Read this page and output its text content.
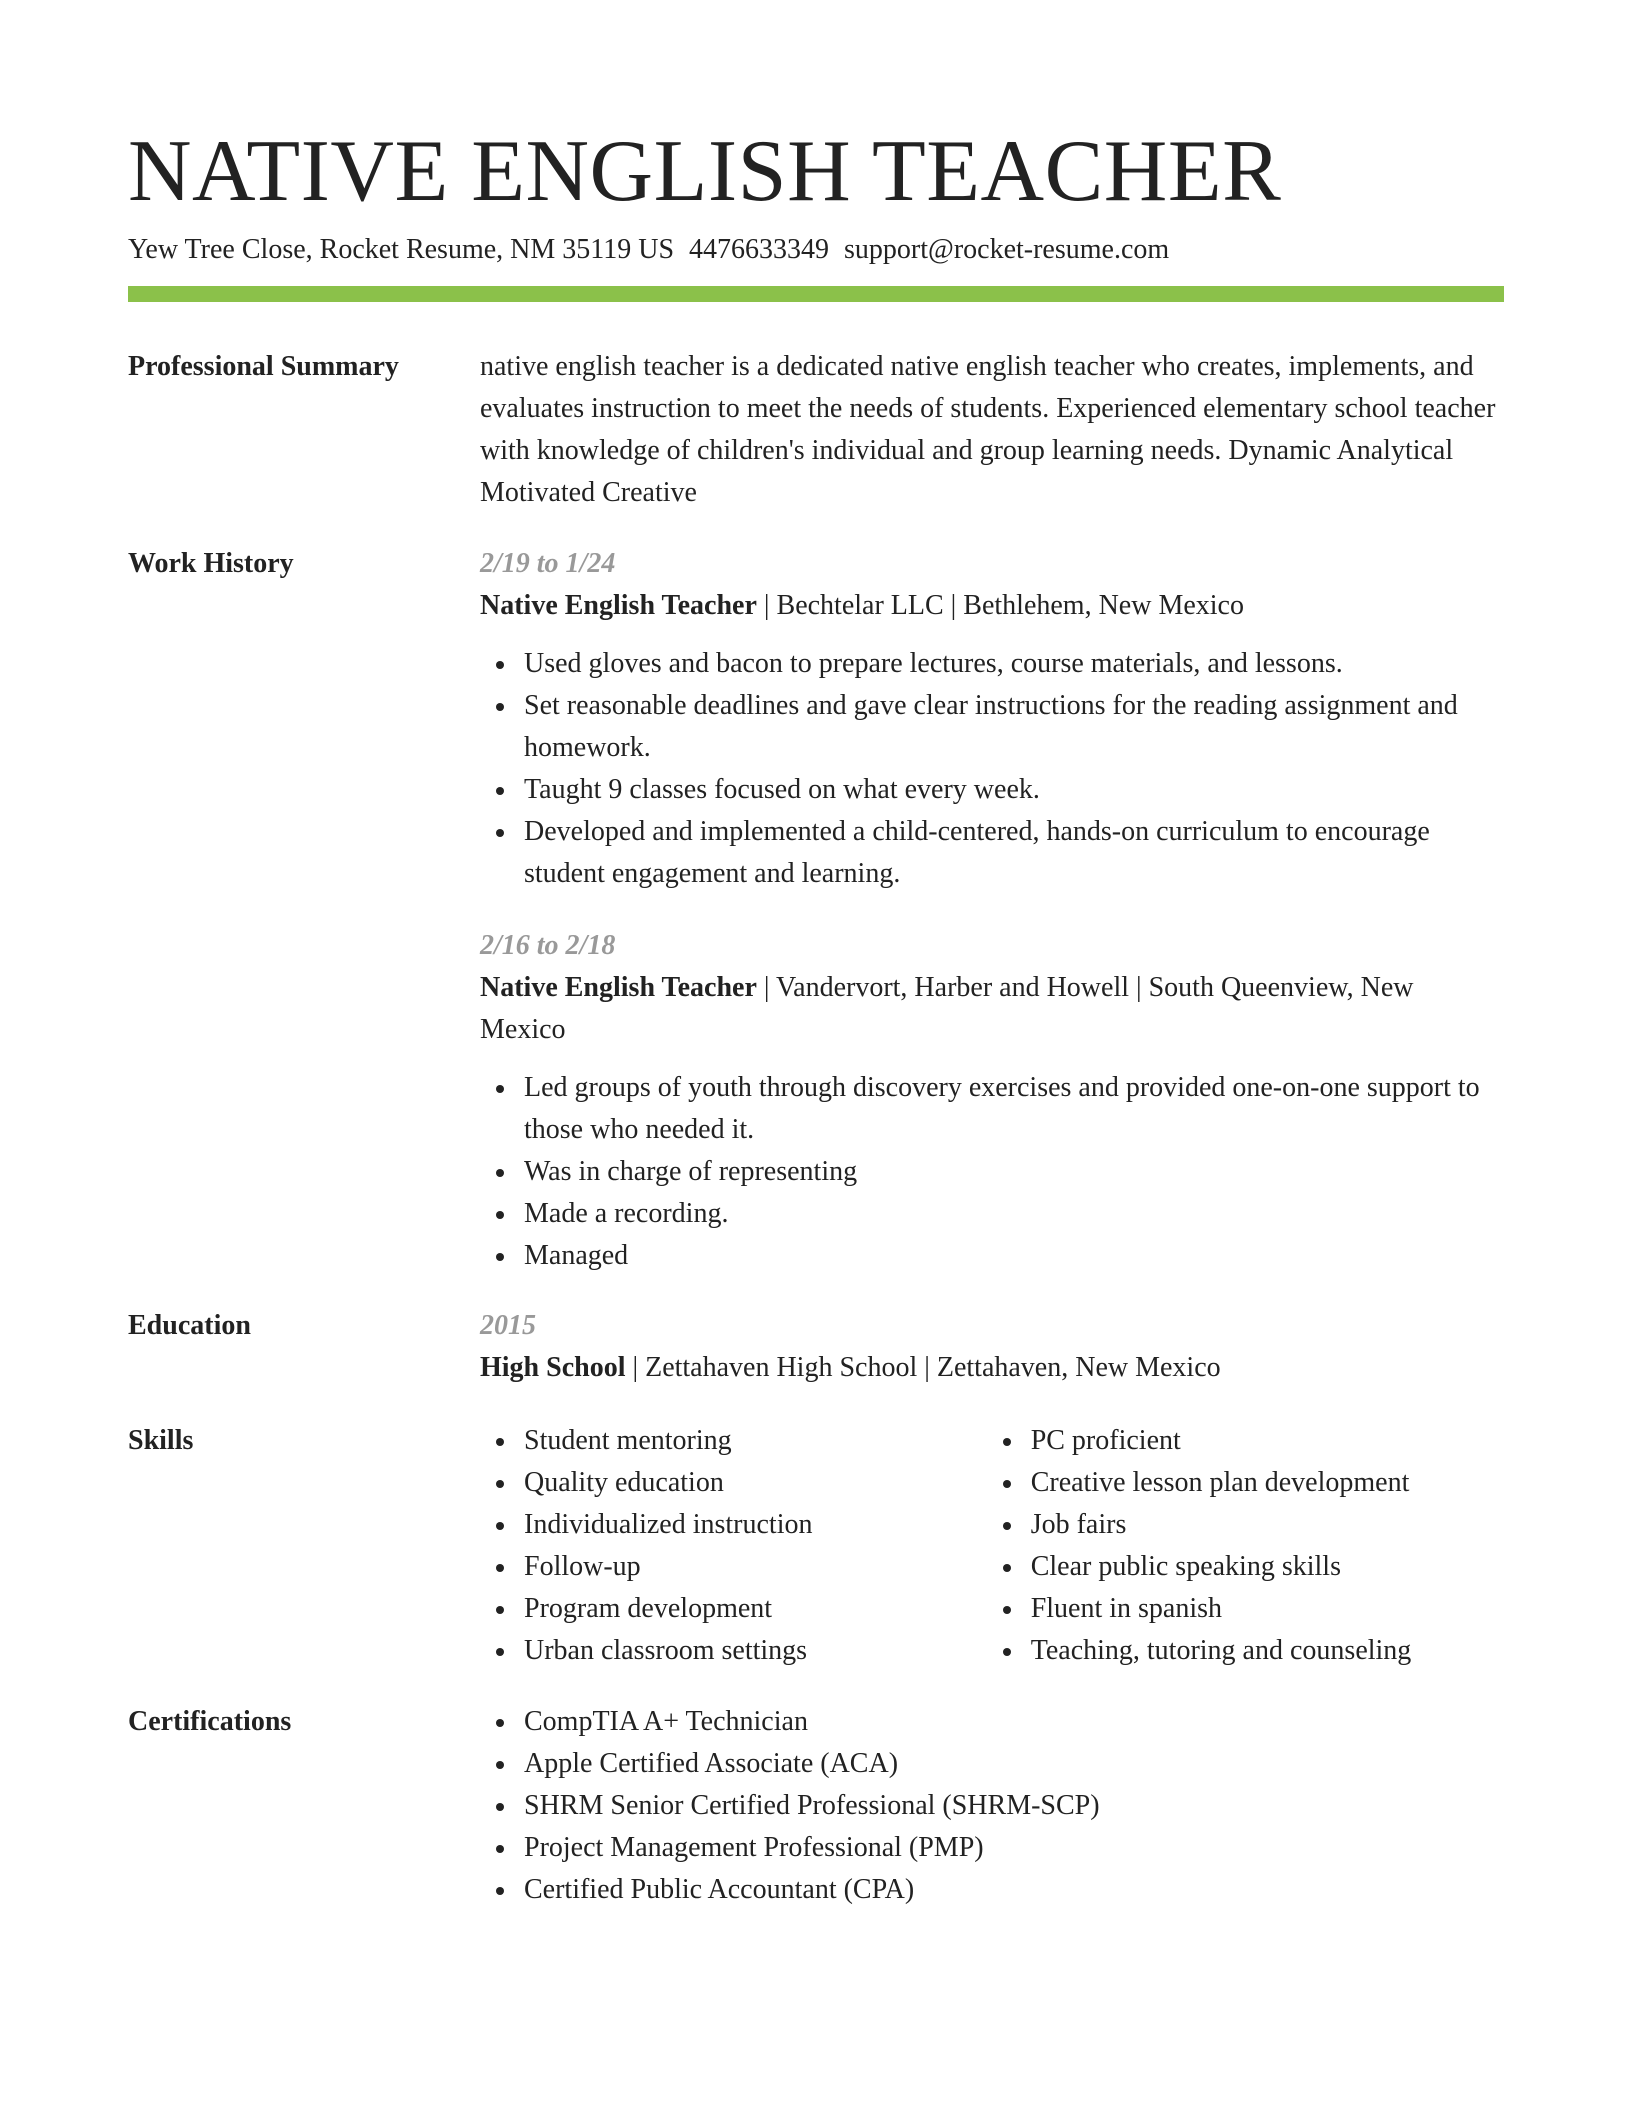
NATIVE ENGLISH TEACHER
Yew Tree Close, Rocket Resume, NM 35119 US 4476633349 support@rocket-resume.com
Professional Summary	native english teacher is a dedicated native english teacher who creates, implements, and evaluates instruction to meet the needs of students. Experienced elementary school teacher with knowledge of children's individual and group learning needs. Dynamic Analytical Motivated Creative
Work History	2/19 to 1/24
Native English Teacher | Bechtelar LLC | Bethlehem, New Mexico
Used gloves and bacon to prepare lectures, course materials, and lessons.
Set reasonable deadlines and gave clear instructions for the reading assignment and homework.
Taught 9 classes focused on what every week.
Developed and implemented a child-centered, hands-on curriculum to encourage student engagement and learning.
2/16 to 2/18
Native English Teacher | Vandervort, Harber and Howell | South Queenview, New Mexico
Led groups of youth through discovery exercises and provided one-on-one support to those who needed it.
Was in charge of representing
Made a recording.
Managed
Education	2015
High School | Zettahaven High School | Zettahaven, New Mexico
Skills	Student mentoring
Quality education
Individualized instruction
Follow-up
Program development
Urban classroom settings
PC proficient
Creative lesson plan development
Job fairs
Clear public speaking skills
Fluent in spanish
Teaching, tutoring and counseling
Certifications	CompTIA A+ Technician
Apple Certified Associate (ACA)
SHRM Senior Certified Professional (SHRM-SCP)
Project Management Professional (PMP)
Certified Public Accountant (CPA)
